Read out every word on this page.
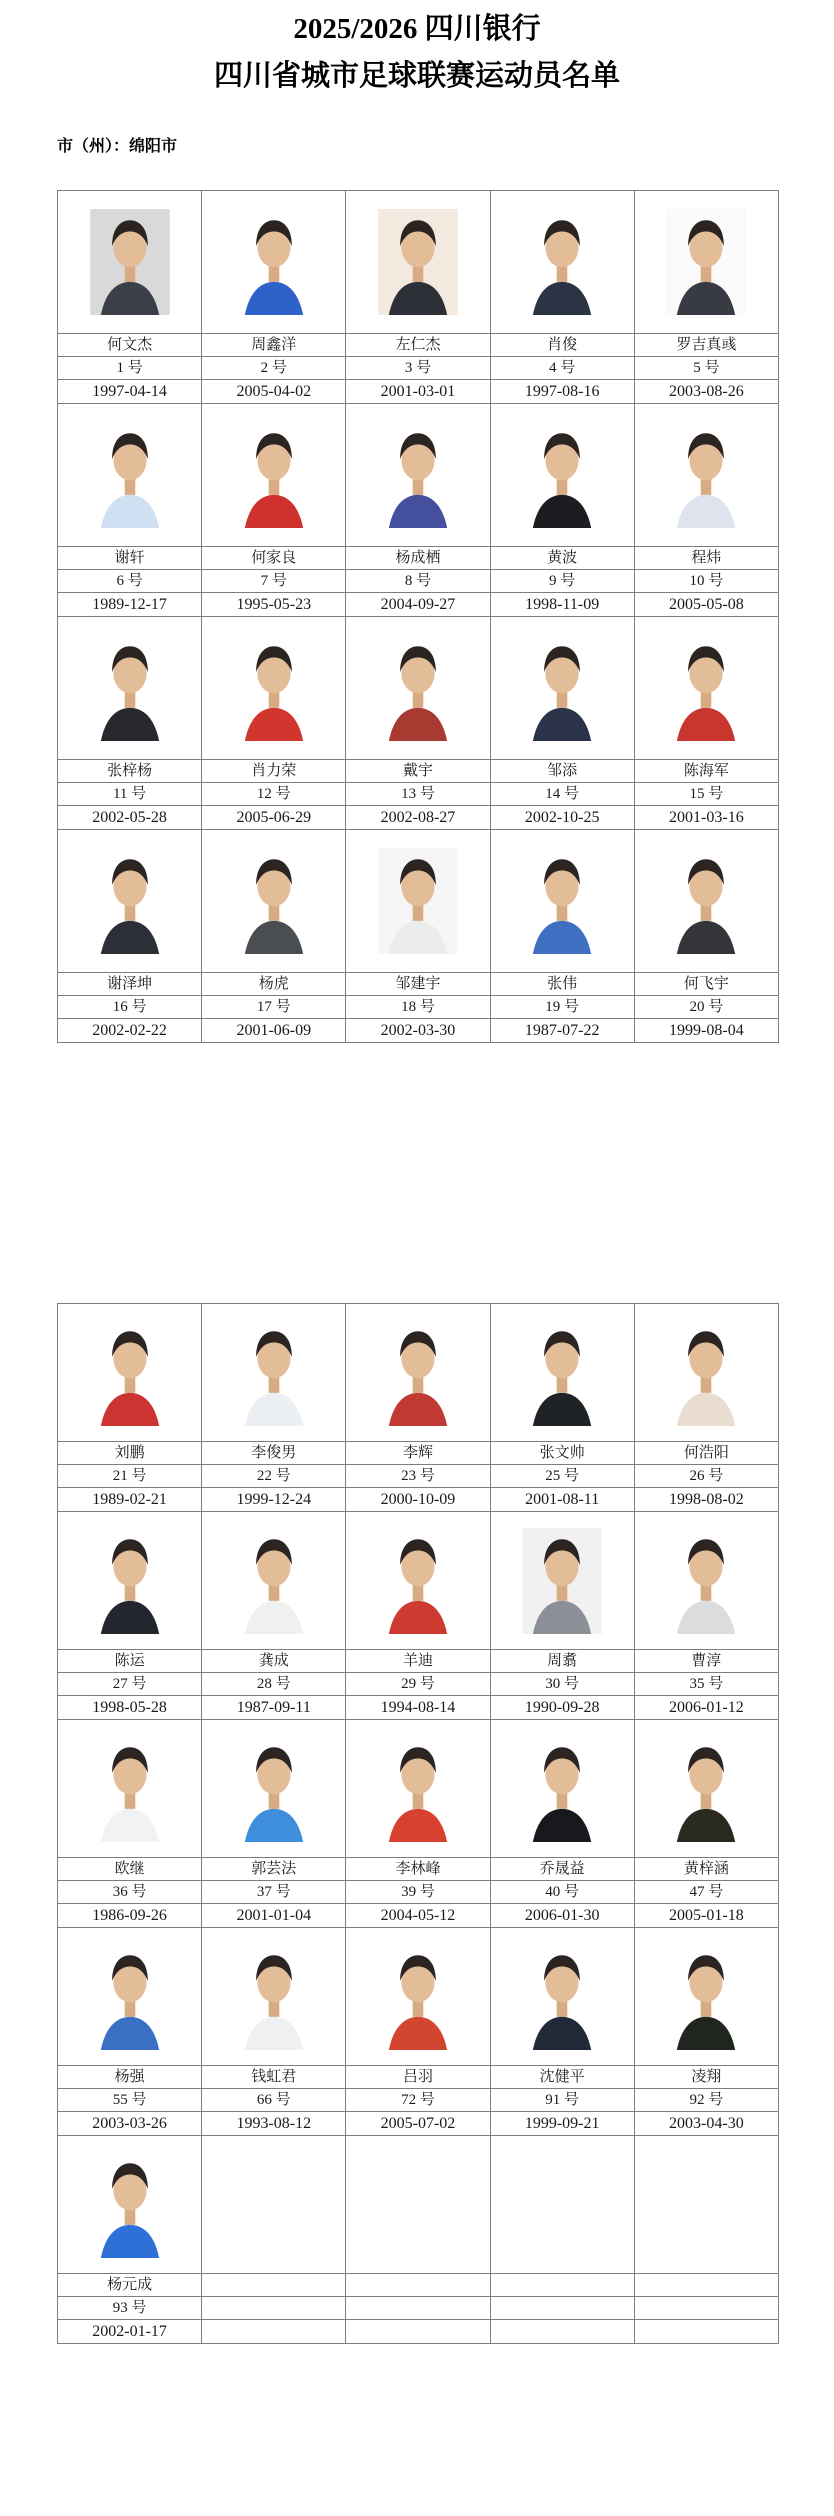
2025/2026 四川银行
四川省城市足球联赛运动员名单
市（州）：绵阳市

何文杰	周鑫洋	左仁杰	肖俊	罗吉真彧
1 号	2 号	3 号	4 号	5 号
1997-04-14	2005-04-02	2001-03-01	1997-08-16	2003-08-26

谢轩	何家良	杨成栖	黄波	程炜
6 号	7 号	8 号	9 号	10 号
1989-12-17	1995-05-23	2004-09-27	1998-11-09	2005-05-08

张梓杨	肖力荣	戴宇	邹添	陈海军
11 号	12 号	13 号	14 号	15 号
2002-05-28	2005-06-29	2002-08-27	2002-10-25	2001-03-16

谢泽坤	杨虎	邹建宇	张伟	何飞宇
16 号	17 号	18 号	19 号	20 号
2002-02-22	2001-06-09	2002-03-30	1987-07-22	1999-08-04

刘鹏	李俊男	李辉	张文帅	何浩阳
21 号	22 号	23 号	25 号	26 号
1989-02-21	1999-12-24	2000-10-09	2001-08-11	1998-08-02

陈运	龚成	羊迪	周翥	曹淳
27 号	28 号	29 号	30 号	35 号
1998-05-28	1987-09-11	1994-08-14	1990-09-28	2006-01-12

欧继	郭芸法	李林峰	乔晟益	黄梓涵
36 号	37 号	39 号	40 号	47 号
1986-09-26	2001-01-04	2004-05-12	2006-01-30	2005-01-18

杨强	钱虹君	吕羽	沈健平	凌翔
55 号	66 号	72 号	91 号	92 号
2003-03-26	1993-08-12	2005-07-02	1999-09-21	2003-04-30

杨元成				
93 号				
2002-01-17				
